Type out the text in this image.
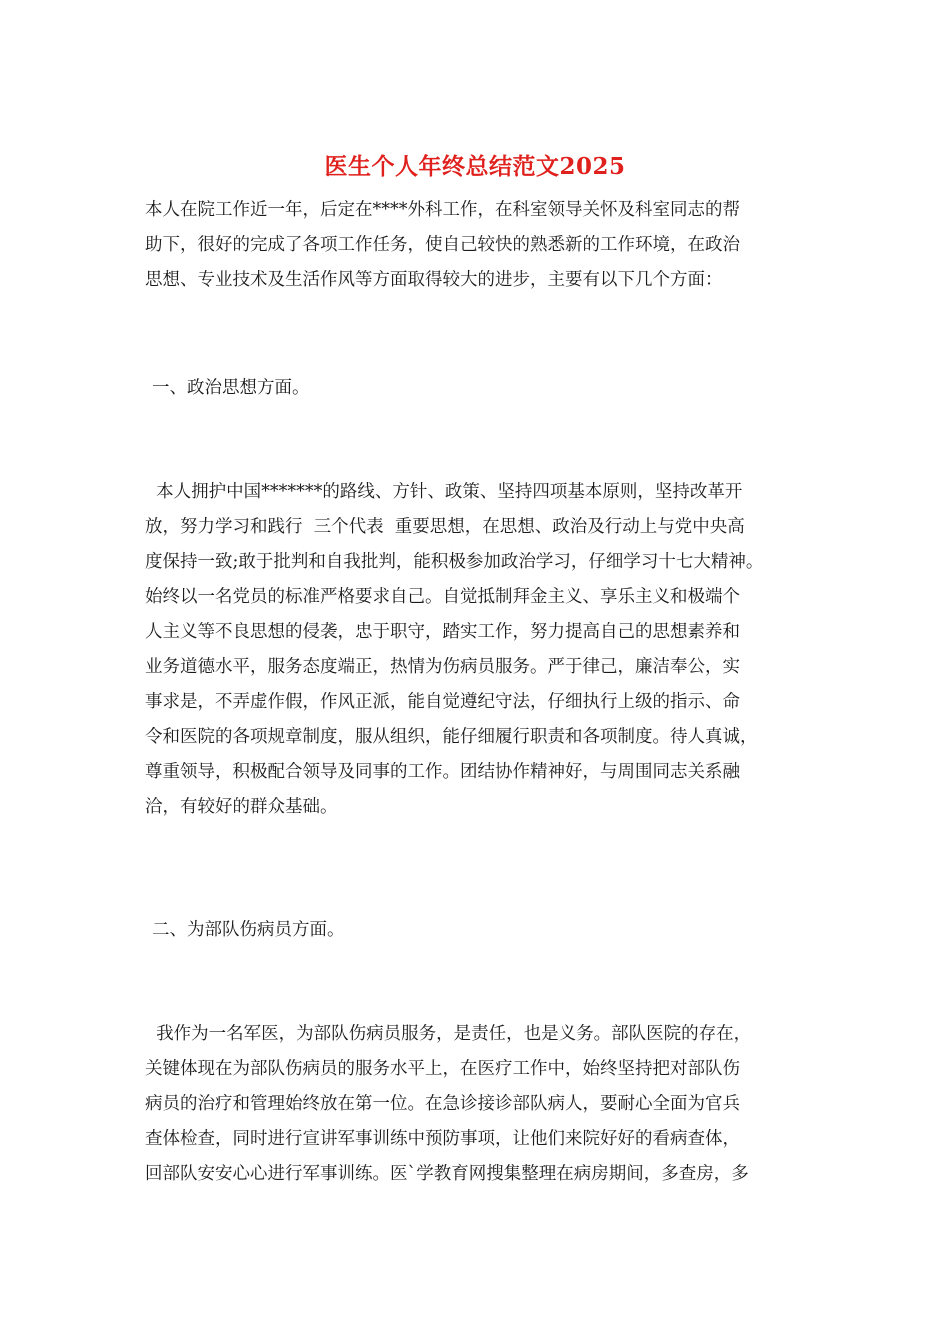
医生个人年终总结范文2025
本人在院工作近一年，后定在****外科工作，在科室领导关怀及科室同志的帮
助下，很好的完成了各项工作任务，使自己较快的熟悉新的工作环境，在政治
思想、专业技术及生活作风等方面取得较大的进步，主要有以下几个方面：
一、政治思想方面。
本人拥护中国*******的路线、方针、政策、坚持四项基本原则，坚持改革开
放，努力学习和践行  三个代表  重要思想，在思想、政治及行动上与党中央高
度保持一致;敢于批判和自我批判，能积极参加政治学习，仔细学习十七大精神。
始终以一名党员的标准严格要求自己。自觉抵制拜金主义、享乐主义和极端个
人主义等不良思想的侵袭，忠于职守，踏实工作，努力提高自己的思想素养和
业务道德水平，服务态度端正，热情为伤病员服务。严于律己，廉洁奉公，实
事求是，不弄虚作假，作风正派，能自觉遵纪守法，仔细执行上级的指示、命
令和医院的各项规章制度，服从组织，能仔细履行职责和各项制度。待人真诚，
尊重领导，积极配合领导及同事的工作。团结协作精神好，与周围同志关系融
洽，有较好的群众基础。
二、为部队伤病员方面。
我作为一名军医，为部队伤病员服务，是责任，也是义务。部队医院的存在，
关键体现在为部队伤病员的服务水平上，在医疗工作中，始终坚持把对部队伤
病员的治疗和管理始终放在第一位。在急诊接诊部队病人，要耐心全面为官兵
查体检查，同时进行宣讲军事训练中预防事项，让他们来院好好的看病查体，
回部队安安心心进行军事训练。医`学教育网搜集整理在病房期间，多查房，多
